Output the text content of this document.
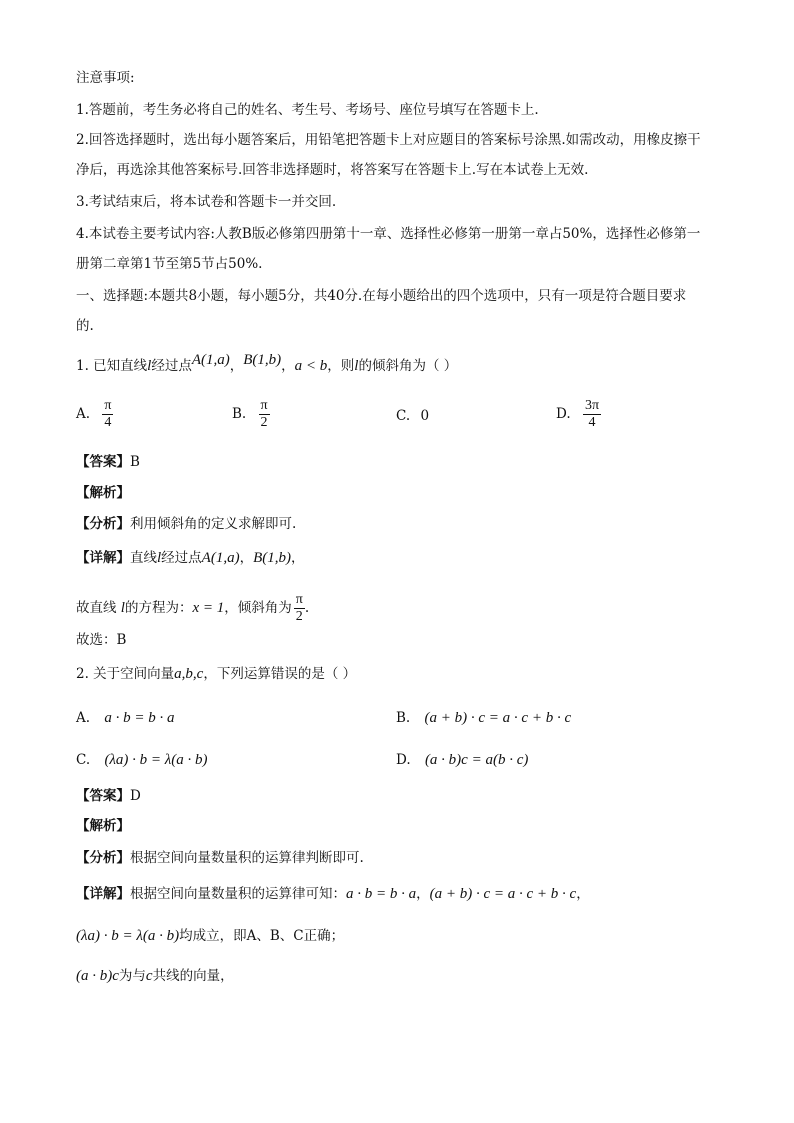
注意事项:
1.答题前，考生务必将自己的姓名、考生号、考场号、座位号填写在答题卡上.
2.回答选择题时，选出每小题答案后，用铅笔把答题卡上对应题目的答案标号涂黑.如需改动，用橡皮擦干
净后，再选涂其他答案标号.回答非选择题时，将答案写在答题卡上.写在本试卷上无效.
3.考试结束后，将本试卷和答题卡一并交回.
4.本试卷主要考试内容:人教B版必修第四册第十一章、选择性必修第一册第一章占50%，选择性必修第一
册第二章第1节至第5节占50%.
一、选择题:本题共8小题，每小题5分，共40分.在每小题给出的四个选项中，只有一项是符合题目要求
的.
1. 已知直线l经过点A(1,a)，B(1,b)，a < b，则l的倾斜角为（ ）
A. $\frac{\pi}{4}$	B. $\frac{\pi}{2}$	C. 0	D. $\frac{3\pi}{4}$
【答案】B
【解析】
【分析】利用倾斜角的定义求解即可.
【详解】直线l经过点A(1,a)，B(1,b)，
故直线 l的方程为：x = 1，倾斜角为 $\frac{\pi}{2}$ .
故选：B
2. 关于空间向量a,b,c，下列运算错误的是（ ）
A. a · b = b · a	B. (a + b) · c = a · c + b · c
C. (λa) · b = λ(a · b)	D. (a · b)c = a(b · c)
【答案】D
【解析】
【分析】根据空间向量数量积的运算律判断即可.
【详解】根据空间向量数量积的运算律可知：a · b = b · a，(a + b) · c = a · c + b · c，
(λa) · b = λ(a · b)均成立，即A、B、C正确；
(a · b)c为与c共线的向量，
